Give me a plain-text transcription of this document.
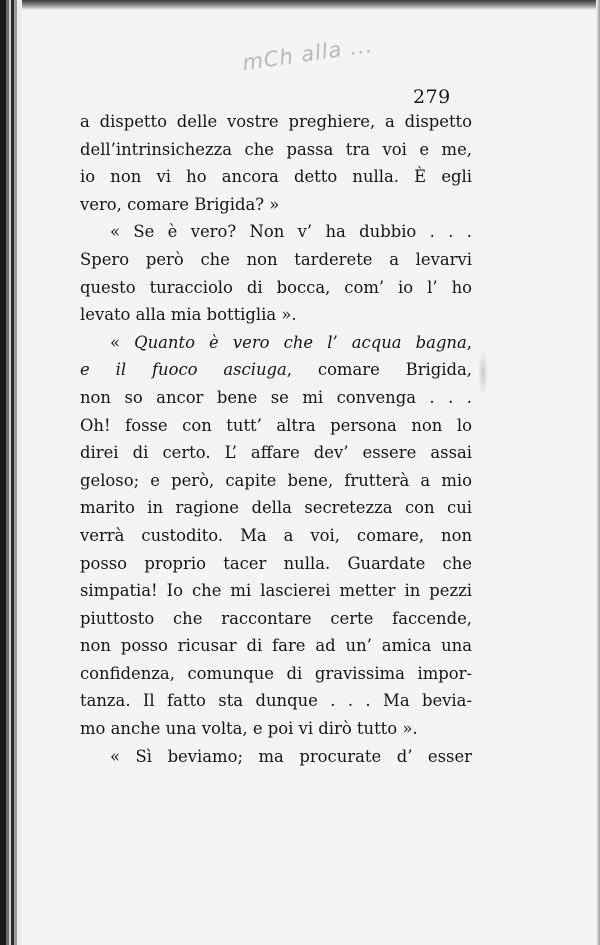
mCh alla ...
279
a dispetto delle vostre preghiere, a dispetto
dell’intrinsichezza che passa tra voi e me,
io non vi ho ancora detto nulla. È egli
vero, comare Brigida? »
« Se è vero? Non v’ ha dubbio . . .
Spero però che non tarderete a levarvi
questo turacciolo di bocca, com’ io l’ ho
levato alla mia bottiglia ».
« Quanto è vero che l’ acqua bagna,
e il fuoco asciuga, comare Brigida,
non so ancor bene se mi convenga . . .
Oh! fosse con tutt’ altra persona non lo
direi di certo. L’ affare dev’ essere assai
geloso; e però, capite bene, frutterà a mio
marito in ragione della secretezza con cui
verrà custodito. Ma a voi, comare, non
posso proprio tacer nulla. Guardate che
simpatia! Io che mi lascierei metter in pezzi
piuttosto che raccontare certe faccende,
non posso ricusar di fare ad un’ amica una
confidenza, comunque di gravissima impor-
tanza. Il fatto sta dunque . . . Ma bevia-
mo anche una volta, e poi vi dirò tutto ».
« Sì beviamo; ma procurate d’ esser
